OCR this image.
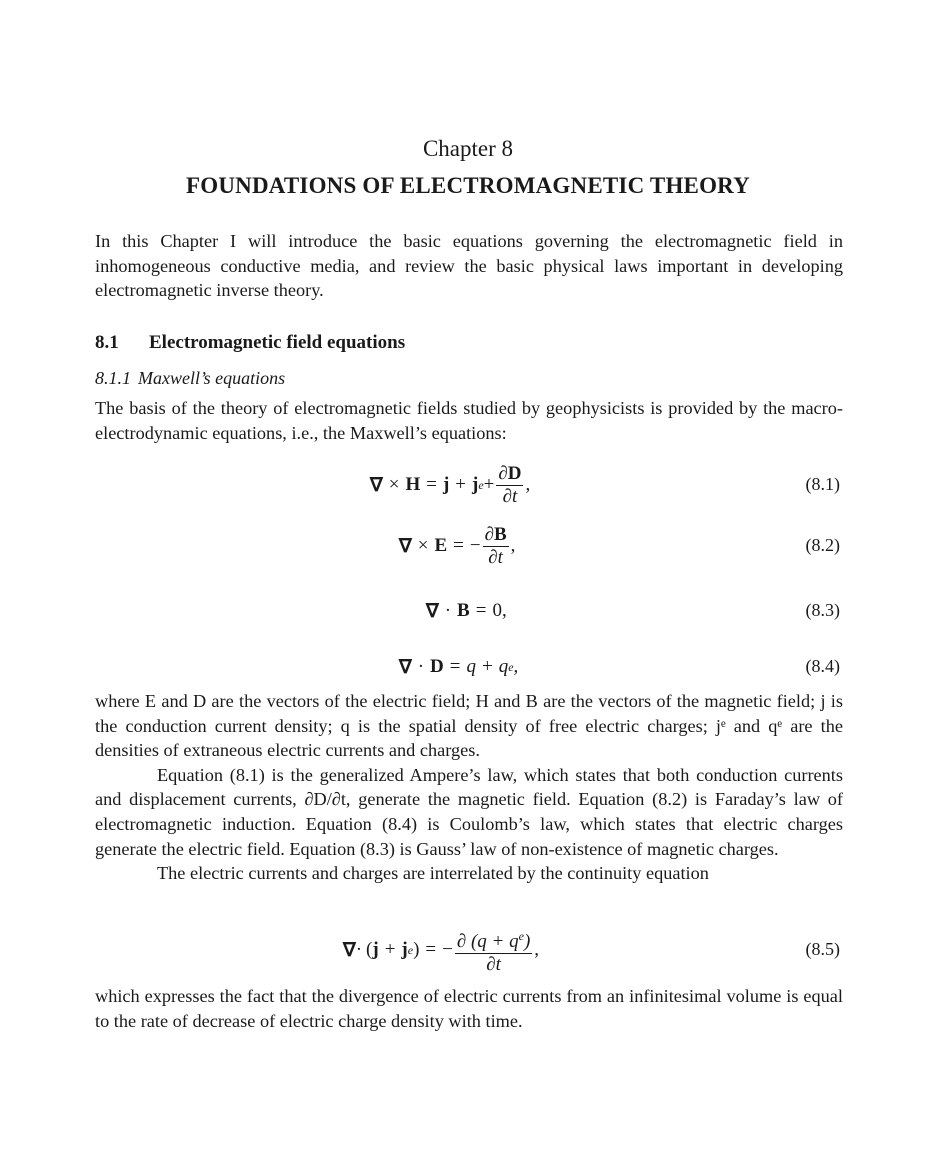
Chapter 8
FOUNDATIONS OF ELECTROMAGNETIC THEORY

In this Chapter I will introduce the basic equations governing the electromagnetic field in inhomogeneous conductive media, and review the basic physical laws important in developing electromagnetic inverse theory.

8.1 Electromagnetic field equations
8.1.1 Maxwell’s equations

The basis of the theory of electromagnetic fields studied by geophysicists is provided by the macro-electrodynamic equations, i.e., the Maxwell’s equations:

∇ × H = j + j $e + \frac{\partial D}{\partial t}$ ,	(8.1)
∇ × E = − $\frac{\partial B}{\partial t}$ ,	(8.2)
∇ · B = 0,	(8.3)
∇ · D = q + q e ,	(8.4)

where E and D are the vectors of the electric field; H and B are the vectors of the magnetic field; j is the conduction current density; q is the spatial density of free electric charges; jᵉ and qᵉ are the densities of extraneous electric currents and charges.

Equation (8.1) is the generalized Ampere’s law, which states that both conduction currents and displacement currents, ∂D/∂t, generate the magnetic field. Equation (8.2) is Faraday’s law of electromagnetic induction. Equation (8.4) is Coulomb’s law, which states that electric charges generate the electric field. Equation (8.3) is Gauss’ law of non-existence of magnetic charges.

The electric currents and charges are interrelated by the continuity equation

∇ · ( j + j e ) = − $\frac{\partial (q + q^e)}{\partial t}$ ,	(8.5)

which expresses the fact that the divergence of electric currents from an infinitesimal volume is equal to the rate of decrease of electric charge density with time.
